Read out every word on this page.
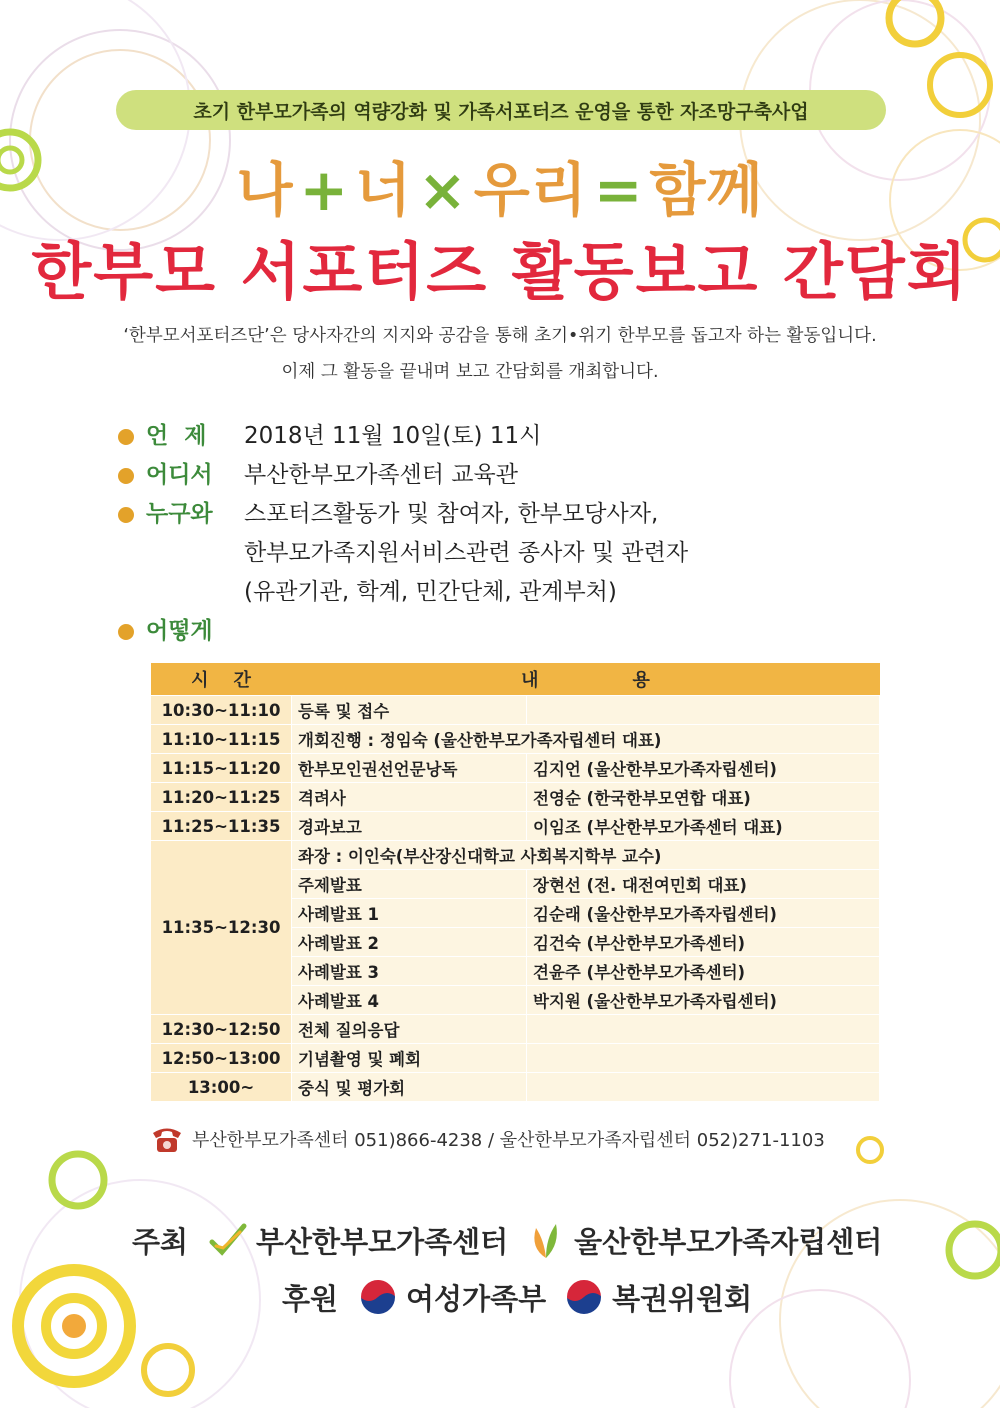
초기 한부모가족의 역량강화 및 가족서포터즈 운영을 통한 자조망구축사업
나 + 너 × 우리 = 함께
한부모 서포터즈 활동보고 간담회
‘한부모서포터즈단’은 당사자간의 지지와 공감을 통해 초기•위기 한부모를 돕고자 하는 활동입니다.
이제 그 활동을 끝내며 보고 간담회를 개최합니다.
언  제	2018년 11월 10일(토) 11시
어디서	부산한부모가족센터 교육관
누구와	스포터즈활동가 및 참여자, 한부모당사자,
한부모가족지원서비스관련 종사자 및 관련자
(유관기관, 학계, 민간단체, 관계부처)
어떻게
시    간	내               용	
10:30~11:10	등록 및 접수	
11:10~11:15	개회진행 : 정임숙 (울산한부모가족자립센터 대표)	
11:15~11:20	한부모인권선언문낭독	김지언 (울산한부모가족자립센터)
11:20~11:25	격려사	전영순 (한국한부모연합 대표)
11:25~11:35	경과보고	이임조 (부산한부모가족센터 대표)
11:35~12:30	좌장 : 이인숙(부산장신대학교 사회복지학부 교수)	
	주제발표	장현선 (전. 대전여민회 대표)
	사례발표 1	김순래 (울산한부모가족자립센터)
	사례발표 2	김건숙 (부산한부모가족센터)
	사례발표 3	견윤주 (부산한부모가족센터)
	사례발표 4	박지원 (울산한부모가족자립센터)
12:30~12:50	전체 질의응답	
12:50~13:00	기념촬영 및 폐회	
13:00~	중식 및 평가회	
부산한부모가족센터 051)866-4238 / 울산한부모가족자립센터 052)271-1103
주최 부산한부모가족센터 울산한부모가족자립센터
후원 여성가족부 복권위원회
